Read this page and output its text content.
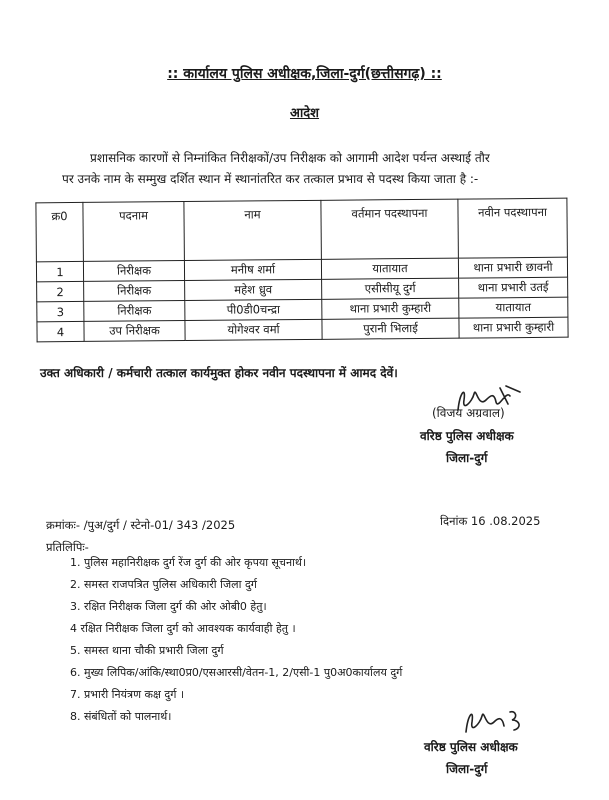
:: कार्यालय पुलिस अधीक्षक,जिला-दुर्ग(छत्तीसगढ़) ::
आदेश
प्रशासनिक कारणों से निम्नांकित निरीक्षकों/उप निरीक्षक को आगामी आदेश पर्यन्त अस्थाई तौर
पर उनके नाम के सम्मुख दर्शित स्थान में स्थानांतरित कर तत्काल प्रभाव से पदस्थ किया जाता है :-
क्र0	पदनाम	नाम	वर्तमान पदस्थापना	नवीन पदस्थापना
1	निरीक्षक	मनीष शर्मा	यातायात	थाना प्रभारी छावनी
2	निरीक्षक	महेश ध्रुव	एसीसीयू दुर्ग	थाना प्रभारी उतई
3	निरीक्षक	पी0डी0चन्द्रा	थाना प्रभारी कुम्हारी	यातायात
4	उप निरीक्षक	योगेश्वर वर्मा	पुरानी भिलाई	थाना प्रभारी कुम्हारी
उक्त अधिकारी / कर्मचारी तत्काल कार्यमुक्त होकर नवीन पदस्थापना में आमद देवें।
(विजय अग्रवाल)
वरिष्ठ पुलिस अधीक्षक
जिला-दुर्ग
क्रमांकः- /पुअ/दुर्ग / स्टेनो-01/ 343 /2025	दिनांक 16 .08.2025
प्रतिलिपिः-
1. पुलिस महानिरीक्षक दुर्ग रेंज दुर्ग की ओर कृपया सूचनार्थ।
2. समस्त राजपत्रित पुलिस अधिकारी जिला दुर्ग
3. रक्षित निरीक्षक जिला दुर्ग की ओर ओबी0 हेतु।
4 रक्षित निरीक्षक जिला दुर्ग को आवश्यक कार्यवाही हेतु ।
5. समस्त थाना चौकी प्रभारी जिला दुर्ग
6. मुख्य लिपिक/आंकि/स्था0प्र0/एसआरसी/वेतन-1, 2/एसी-1 पु0अ0कार्यालय दुर्ग
7. प्रभारी नियंत्रण कक्ष दुर्ग ।
8. संबंधितों को पालनार्थ।
वरिष्ठ पुलिस अधीक्षक
जिला-दुर्ग
